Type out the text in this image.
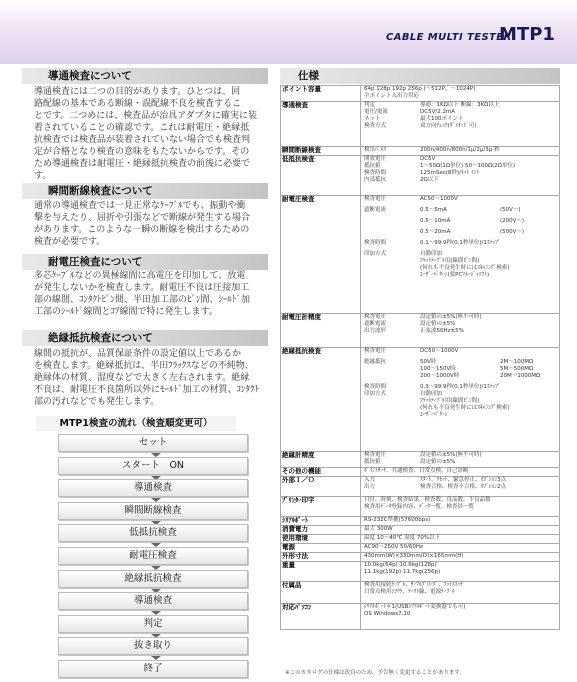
CABLE MULTI TESTER
MTP1
導通検査について
導通検査には二つの目的があります。ひとつは、回
路配線の基本である断線・誤配線不良を検査するこ
とです。二つめには、検査品が治具アダプタに確実に装
着されていることの確認です。これは耐電圧・絶縁抵
抗検査では検査品が装着されていない場合でも検査判
定が合格となり検査の意味をもたないからです。その
ため導通検査は耐電圧・絶縁抵抗検査の前後に必要で
す。
瞬間断線検査について
通常の導通検査では一見正常なｹｰﾌﾞﾙでも、振動や衝
撃を与えたり、屈折や引張などで断線が発生する場合
があります。このような一瞬の断線を検出するための
検査が必要です。
耐電圧検査について
多芯ｹｰﾌﾞﾙなどの異極線間に高電圧を印加して、放電
が発生しないかを検査します。耐電圧不良は圧接加工
部の線間、ｺﾝﾀｸﾄﾋﾟﾝ間、半田加工部のﾋﾟﾝ間、ｼｰﾙﾄﾞ加
工部のｼｰﾙﾄﾞ線間とｺｱ線間で特に発生します。
絶縁抵抗検査について
線間の抵抗が、品質保証条件の設定値以上であるか
を検査します。絶縁抵抗は、半田ﾌﾗｯｸｽなどの不純物、
絶縁体の材質、湿度などで大きく左右されます。絶縁
不良は、耐電圧不良箇所以外にﾓｰﾙﾄﾞ加工の材質、ｺﾝﾀｸﾄ
部の汚れなどでも発生します。
MTP1検査の流れ（検査順変更可）
セット
スタート　ON
導通検査
瞬間断線検査
低抵抗検査
耐電圧検査
絶縁抵抗検査
導通検査
判定
抜き取り
終了
仕様
ポイント容量	64p 128p 192p 256p (～512P、～1024P)
全ポイント入出力対応
導通検査	判定	導通：1KΩ以下 断線：3KΩ以上
電圧/電流	DC5V/2.2mA
ネット	最大100ポイント
検査方式	双方向ﾁｪｯｸ(ﾀﾞｲｵｰﾄﾞ可)
瞬間断線検査	検出ﾊﾟﾙｽ	200n/400n/800n/1μ/2μ/3μ 秒
低抵抗検査	開放電圧	DC5V
抵抗値	1～50Ω(1Ω単位) 50～100Ω(2Ω単位)
検査時間	125mSec(8秒)/ﾈｯﾄ ｲﾝﾄ
内部抵抗	2Ω以下
耐電圧検査	検査電圧	AC50～1000V
遮断電流	0.5～5mA	(50V～)
0.5～10mA	(200V～)
0.5～20mA	(500V～)
検査時間	0.1～99.9秒(0.1秒単位)/1ｽﾃｯﾌﾟ
印加方式	自動印加
ﾌﾗｯﾄﾃｰﾌﾞﾙ用(線間ﾋﾟﾝ間)
(何れも不良発生時にはｽｷｬﾆﾝｸﾞ検索)
ﾕｰｻﾞｰﾊﾟﾀｰﾝ(要PCﾏﾈｰｼﾞｬｿﾌﾄ)
耐電圧計精度	検査電圧	設定値の±5%(無不可時)
遮断電流	設定値の±5%
出力波形	正弦波50Hz±5%
絶縁抵抗検査	検査電圧	DC50～1000V
絶縁抵抗	50V時	2M～100MΩ
100～150V時	5M～500MΩ
200～1000V時	20M～1000MΩ
検査時間	0.3～99.9秒(0.1秒単位)/1ｽﾃｯﾌﾟ
印加方式	自動印加
ﾌﾗｯﾄﾃｰﾌﾞﾙ用(線間ﾋﾟﾝ間)
(何れも不良発生時にはｽｷｬﾆﾝｸﾞ検索)
ﾕｰｻﾞｰﾊﾟﾀｰﾝ
絶縁計精度	検査電圧	設定値の±5%(無不可時)
抵抗値	設定値の±5%
その他の機能	ﾎﾞｲﾝﾄｻｰﾁ、共通検査、日常点検、自己診断
外部Ｉ／Ｏ	入力	ｽﾀｰﾄ、ﾘｾｯﾄ、緊急停止、ｵﾌﾟｼｮﾝ3点
出力	検査合格、検査不合格、ｵﾌﾟｼｮﾝ2点
ﾌﾟﾘﾝﾀｰ印字	日付、時刻、検査結果、検査数、良品数、不良品数
検査用ﾃﾞｰﾀ登録内容、ﾃﾞｰﾀ一覧、検査員一覧
ｼﾘｱﾙﾎﾟｰﾄ	RS-232C準拠(57600bps)
消費電力	最大 300W
使用環境	温度 10～40℃ 湿度 70%以下
電源	AC90～250V 50/60Hz
外形寸法	430mm(W)×330mm(D)×165mm(H)
重量	10.0kg(64p) 10.6kg(128p)
11.1kg(192p) 11.7kg(256p)
付属品	検査用接続ｹｰﾌﾞﾙ、ｻｰﾏﾙﾌﾟﾛｰﾌﾞ、ﾌｯﾄｽｲｯﾁ
日常点検用ｼﾖｳｹ、ﾃｰｽﾄ線、電源ｹｰﾌﾞﾙ
対応ﾊﾟｿｺﾝ	ｼﾘｱﾙﾎﾟｰﾄ＊1(USBｼﾘｱﾙﾎﾟｰﾄ変換器でも可)
OS Windows7.10
※このカタログの仕様は改良のため、予告無く変更することがあります。
